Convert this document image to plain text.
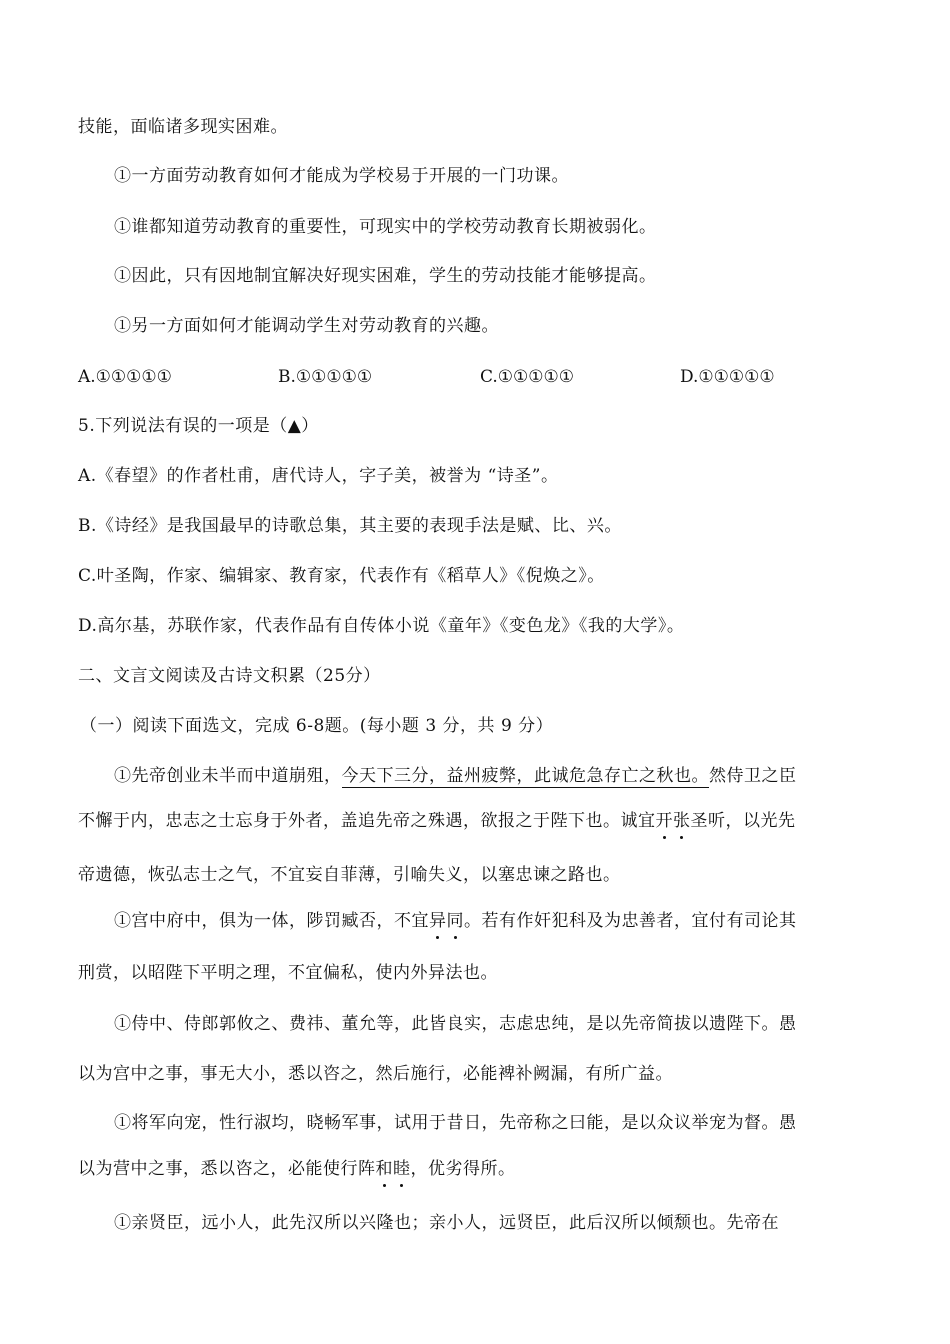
技能，面临诸多现实困难。
①一方面劳动教育如何才能成为学校易于开展的一门功课。
①谁都知道劳动教育的重要性，可现实中的学校劳动教育长期被弱化。
①因此，只有因地制宜解决好现实困难，学生的劳动技能才能够提高。
①另一方面如何才能调动学生对劳动教育的兴趣。
A.①①①①①	B.①①①①①	C.①①①①①	D.①①①①①
5.下列说法有误的一项是（▲）
A.《春望》的作者杜甫，唐代诗人，字子美，被誉为 “诗圣”。
B.《诗经》是我国最早的诗歌总集，其主要的表现手法是赋、比、兴。
C.叶圣陶，作家、编辑家、教育家，代表作有《稻草人》《倪焕之》。
D.高尔基，苏联作家，代表作品有自传体小说《童年》《变色龙》《我的大学》。
二、文言文阅读及古诗文积累（25分）
（一）阅读下面选文，完成 6-8题。(每小题 3 分，共 9 分）
①先帝创业未半而中道崩殂，今天下三分，益州疲弊，此诚危急存亡之秋也。然侍卫之臣
不懈于内，忠志之士忘身于外者，盖追先帝之殊遇，欲报之于陛下也。诚宜开张圣听，以光先
帝遗德，恢弘志士之气，不宜妄自菲薄，引喻失义，以塞忠谏之路也。
①宫中府中，俱为一体，陟罚臧否，不宜异同。若有作奸犯科及为忠善者，宜付有司论其
刑赏，以昭陛下平明之理，不宜偏私，使内外异法也。
①侍中、侍郎郭攸之、费祎、董允等，此皆良实，志虑忠纯，是以先帝简拔以遗陛下。愚
以为宫中之事，事无大小，悉以咨之，然后施行，必能裨补阙漏，有所广益。
①将军向宠，性行淑均，晓畅军事，试用于昔日，先帝称之曰能，是以众议举宠为督。愚
以为营中之事，悉以咨之，必能使行阵和睦，优劣得所。
①亲贤臣，远小人，此先汉所以兴隆也；亲小人，远贤臣，此后汉所以倾颓也。先帝在
